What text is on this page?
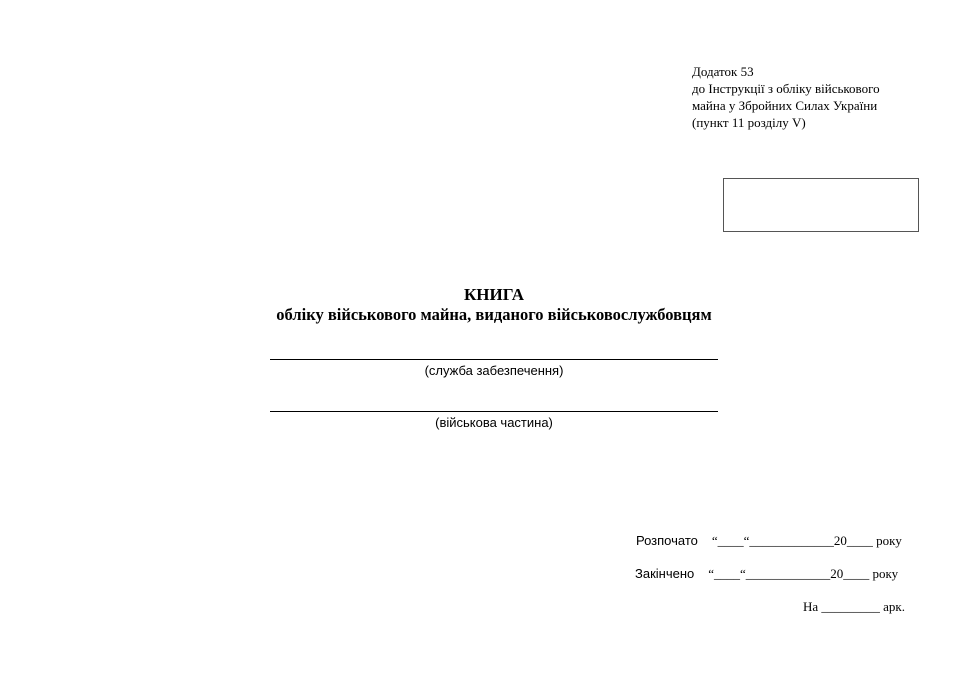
Додаток 53
до Інструкції з обліку військового
майна у Збройних Силах України
(пункт 11 розділу V)
КНИГА
обліку військового майна, виданого військовослужбовцям
(служба забезпечення)
(військова частина)
Розпочато “____“_____________20____ року
Закінчено “____“_____________20____ року
На _________ арк.
